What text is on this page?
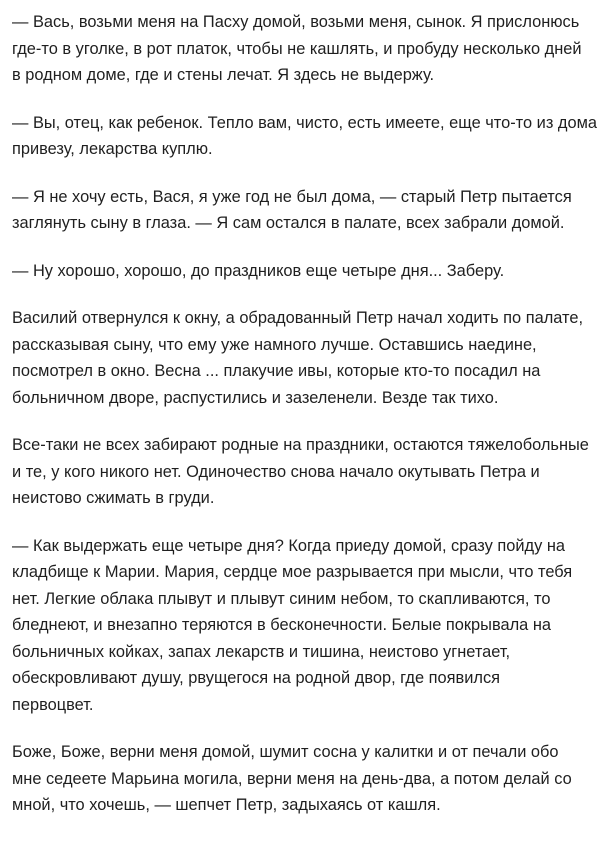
— Вась, возьми меня на Пасху домой, возьми меня, сынок. Я прислонюсь
где-то в уголке, в рот платок, чтобы не кашлять, и пробуду несколько дней
в родном доме, где и стены лечат. Я здесь не выдержу.

— Вы, отец, как ребенок. Тепло вам, чисто, есть имеете, еще что-то из дома
привезу, лекарства куплю.

— Я не хочу есть, Вася, я уже год не был дома, — старый Петр пытается
заглянуть сыну в глаза. — Я сам остался в палате, всех забрали домой.

— Ну хорошо, хорошо, до праздников еще четыре дня... Заберу.

Василий отвернулся к окну, а обрадованный Петр начал ходить по палате,
рассказывая сыну, что ему уже намного лучше. Оставшись наедине,
посмотрел в окно. Весна ... плакучие ивы, которые кто-то посадил на
больничном дворе, распустились и зазеленели. Везде так тихо.

Все-таки не всех забирают родные на праздники, остаются тяжелобольные
и те, у кого никого нет. Одиночество снова начало окутывать Петра и
неистово сжимать в груди.

— Как выдержать еще четыре дня? Когда приеду домой, сразу пойду на
кладбище к Марии. Мария, сердце мое разрывается при мысли, что тебя
нет. Легкие облака плывут и плывут синим небом, то скапливаются, то
бледнеют, и внезапно теряются в бесконечности. Белые покрывала на
больничных койках, запах лекарств и тишина, неистово угнетает,
обескровливают душу, рвущегося на родной двор, где появился
первоцвет.

Боже, Боже, верни меня домой, шумит сосна у калитки и от печали обо
мне седеете Марьина могила, верни меня на день-два, а потом делай со
мной, что хочешь, — шепчет Петр, задыхаясь от кашля.
